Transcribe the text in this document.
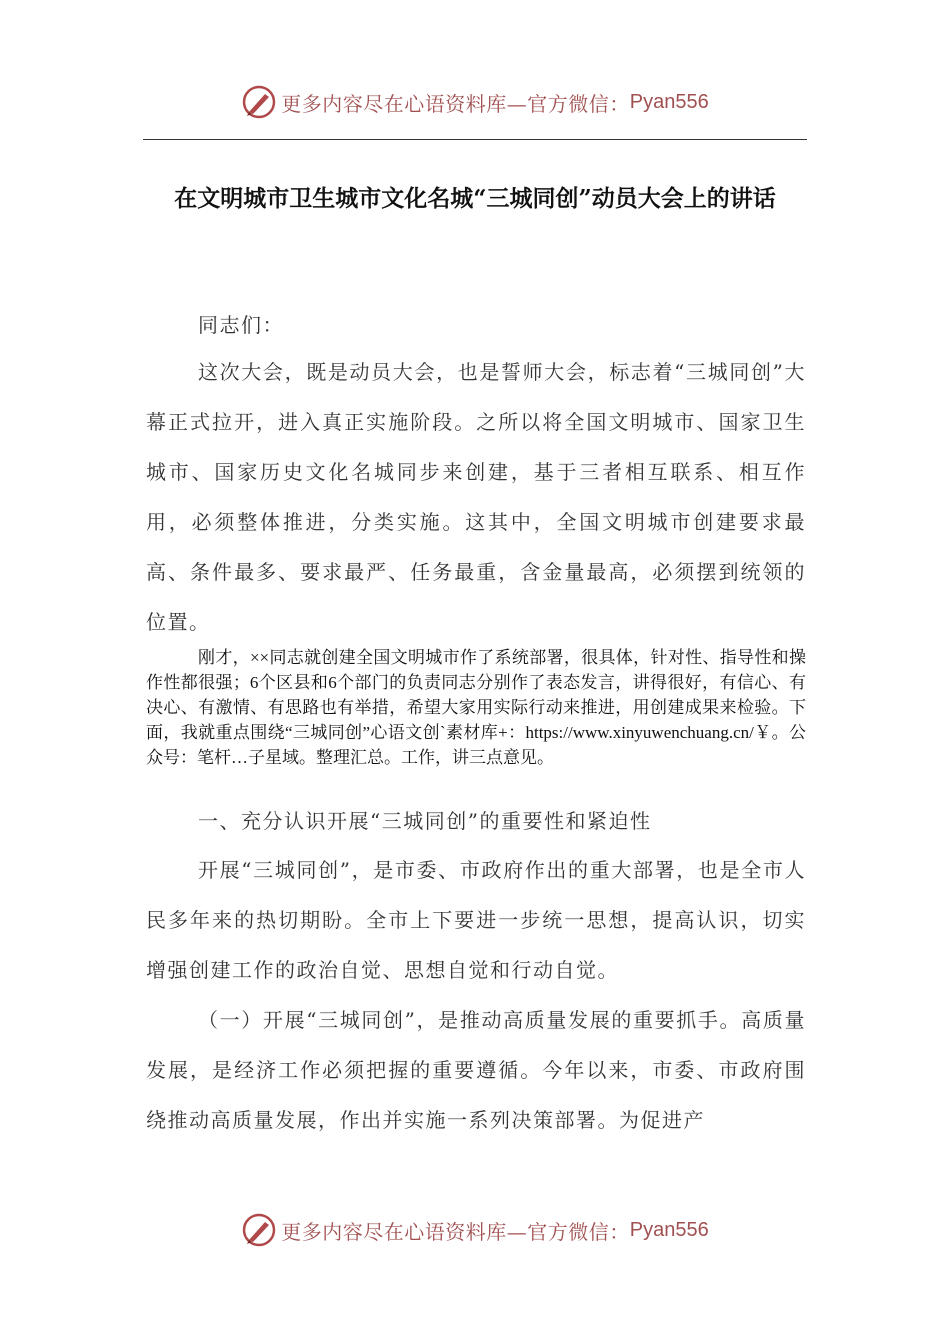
更多内容尽在心语资料库—官方微信： Pyan556
在文明城市卫生城市文化名城“三城同创”动员大会上的讲话

同志们：

这次大会，既是动员大会，也是誓师大会，标志着“三城同创”大幕正式拉开，进入真正实施阶段。之所以将全国文明城市、国家卫生城市、国家历史文化名城同步来创建，基于三者相互联系、相互作用，必须整体推进，分类实施。这其中，全国文明城市创建要求最高、条件最多、要求最严、任务最重，含金量最高，必须摆到统领的位置。

刚才，××同志就创建全国文明城市作了系统部署，很具体，针对性、指导性和操作性都很强；6个区县和6个部门的负责同志分别作了表态发言，讲得很好，有信心、有决心、有激情、有思路也有举措，希望大家用实际行动来推进，用创建成果来检验。下面，我就重点围绕“三城同创”心语文创`素材库+：https://www.xinyuwenchuang.cn/￥。公众号：笔杆…子星域。整理汇总。工作，讲三点意见。

一、充分认识开展“三城同创”的重要性和紧迫性

开展“三城同创”，是市委、市政府作出的重大部署，也是全市人民多年来的热切期盼。全市上下要进一步统一思想，提高认识，切实增强创建工作的政治自觉、思想自觉和行动自觉。

（一）开展“三城同创”，是推动高质量发展的重要抓手。高质量发展，是经济工作必须把握的重要遵循。今年以来，市委、市政府围绕推动高质量发展，作出并实施一系列决策部署。为促进产

更多内容尽在心语资料库—官方微信： Pyan556
